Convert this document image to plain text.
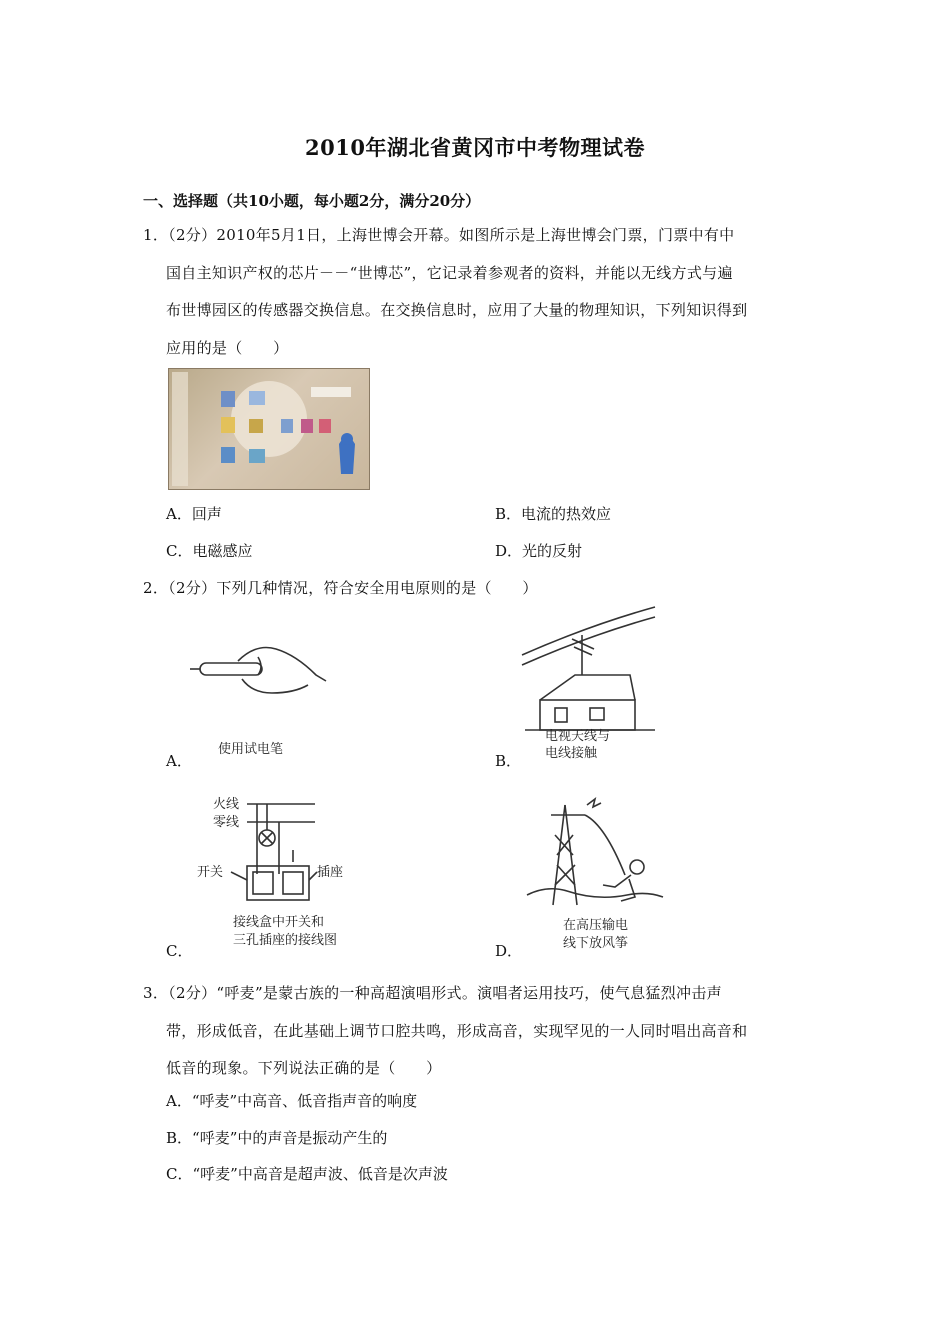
2010年湖北省黄冈市中考物理试卷
一、选择题（共10小题，每小题2分，满分20分）
1．（2分）2010年5月1日，上海世博会开幕。如图所示是上海世博会门票，门票中有中
国自主知识产权的芯片－－“世博芯”，它记录着参观者的资料，并能以无线方式与遍
布世博园区的传感器交换信息。在交换信息时，应用了大量的物理知识，下列知识得到
应用的是（　　）
A．回声	B．电流的热效应
C．电磁感应	D．光的反射
2．（2分）下列几种情况，符合安全用电原则的是（　　）
使用试电笔
A．
电视天线与
电线接触
B．
火线
零线
开关	插座
接线盒中开关和
三孔插座的接线图
C．
在高压输电
线下放风筝
D．
3．（2分）“呼麦”是蒙古族的一种高超演唱形式。演唱者运用技巧，使气息猛烈冲击声
带，形成低音，在此基础上调节口腔共鸣，形成高音，实现罕见的一人同时唱出高音和
低音的现象。下列说法正确的是（　　）
A．“呼麦”中高音、低音指声音的响度
B．“呼麦”中的声音是振动产生的
C．“呼麦”中高音是超声波、低音是次声波
